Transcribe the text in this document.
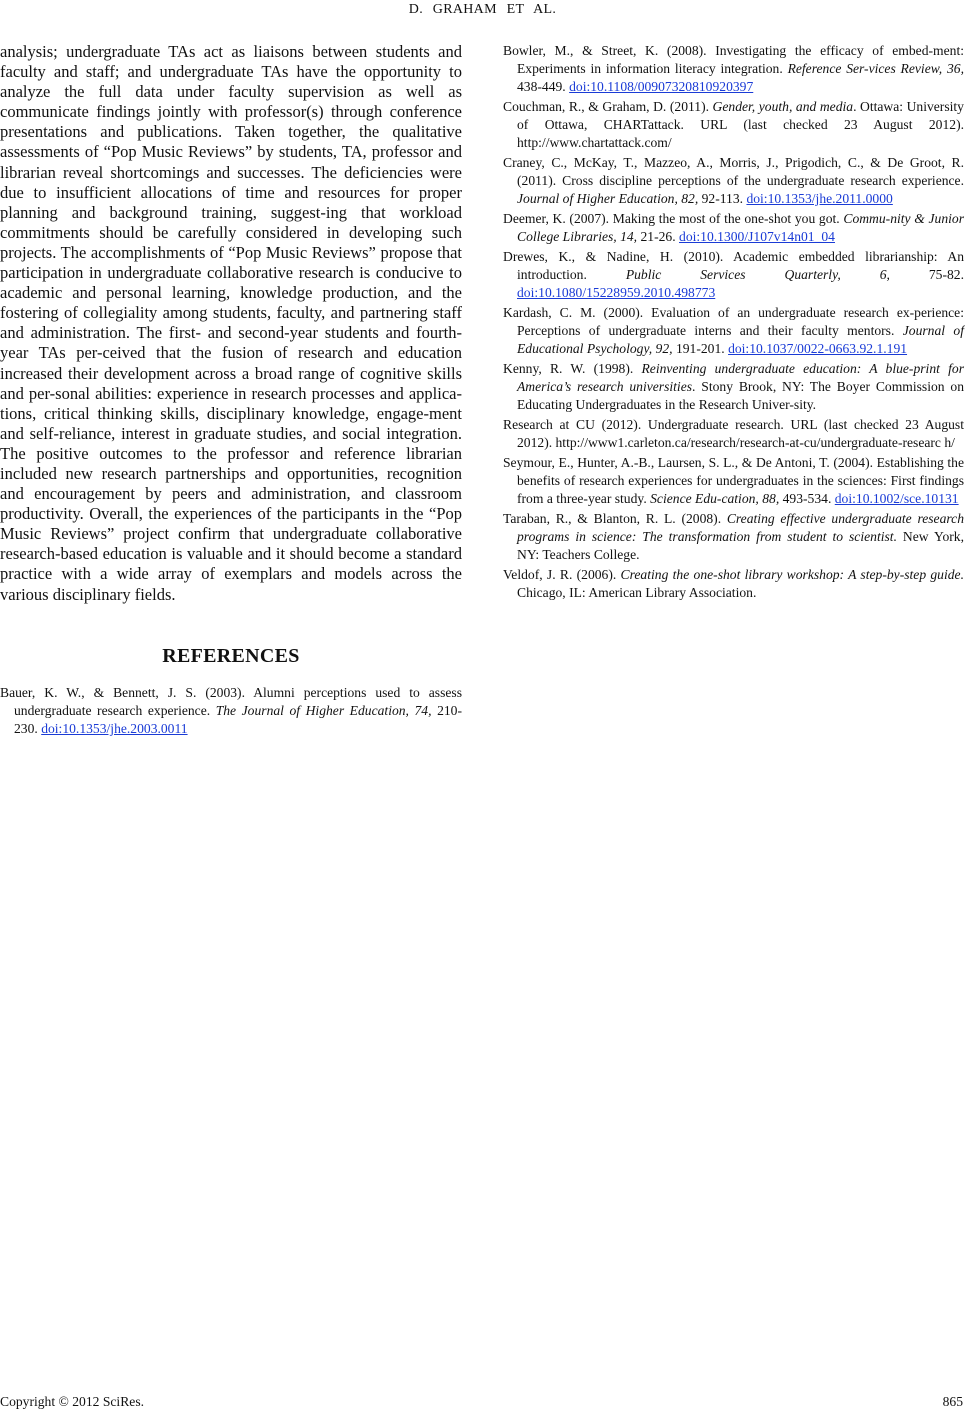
D. GRAHAM ET AL.

analysis; undergraduate TAs act as liaisons between students and faculty and staff; and undergraduate TAs have the opportunity to analyze the full data under faculty supervision as well as communicate findings jointly with professor(s) through conference presentations and publications. Taken together, the qualitative assessments of “Pop Music Reviews” by students, TA, professor and librarian reveal shortcomings and successes. The deficiencies were due to insufficient allocations of time and resources for proper planning and background training, suggest-ing that workload commitments should be carefully considered in developing such projects. The accomplishments of “Pop Music Reviews” propose that participation in undergraduate collaborative research is conducive to academic and personal learning, knowledge production, and the fostering of collegiality among students, faculty, and partnering staff and administration. The first- and second-year students and fourth-year TAs per-ceived that the fusion of research and education increased their development across a broad range of cognitive skills and per-sonal abilities: experience in research processes and applica-tions, critical thinking skills, disciplinary knowledge, engage-ment and self-reliance, interest in graduate studies, and social integration. The positive outcomes to the professor and reference librarian included new research partnerships and opportunities, recognition and encouragement by peers and administration, and classroom productivity. Overall, the experiences of the participants in the “Pop Music Reviews” project confirm that undergraduate collaborative research-based education is valuable and it should become a standard practice with a wide array of exemplars and models across the various disciplinary fields.

REFERENCES

Bauer, K. W., & Bennett, J. S. (2003). Alumni perceptions used to assess undergraduate research experience. The Journal of Higher Education, 74, 210-230. doi:10.1353/jhe.2003.0011

Bowler, M., & Street, K. (2008). Investigating the efficacy of embed-ment: Experiments in information literacy integration. Reference Ser-vices Review, 36, 438-449. doi:10.1108/00907320810920397

Couchman, R., & Graham, D. (2011). Gender, youth, and media. Ottawa: University of Ottawa, CHARTattack. URL (last checked 23 August 2012). http://www.chartattack.com/

Craney, C., McKay, T., Mazzeo, A., Morris, J., Prigodich, C., & De Groot, R. (2011). Cross discipline perceptions of the undergraduate research experience. Journal of Higher Education, 82, 92-113. doi:10.1353/jhe.2011.0000

Deemer, K. (2007). Making the most of the one-shot you got. Commu-nity & Junior College Libraries, 14, 21-26. doi:10.1300/J107v14n01_04

Drewes, K., & Nadine, H. (2010). Academic embedded librarianship: An introduction. Public Services Quarterly, 6, 75-82. doi:10.1080/15228959.2010.498773

Kardash, C. M. (2000). Evaluation of an undergraduate research ex-perience: Perceptions of undergraduate interns and their faculty mentors. Journal of Educational Psychology, 92, 191-201. doi:10.1037/0022-0663.92.1.191

Kenny, R. W. (1998). Reinventing undergraduate education: A blue-print for America’s research universities. Stony Brook, NY: The Boyer Commission on Educating Undergraduates in the Research Univer-sity.

Research at CU (2012). Undergraduate research. URL (last checked 23 August 2012). http://www1.carleton.ca/research/research-at-cu/undergraduate-researc h/

Seymour, E., Hunter, A.-B., Laursen, S. L., & De Antoni, T. (2004). Establishing the benefits of research experiences for undergraduates in the sciences: First findings from a three-year study. Science Edu-cation, 88, 493-534. doi:10.1002/sce.10131

Taraban, R., & Blanton, R. L. (2008). Creating effective undergraduate research programs in science: The transformation from student to scientist. New York, NY: Teachers College.

Veldof, J. R. (2006). Creating the one-shot library workshop: A step-by-step guide. Chicago, IL: American Library Association.

Copyright © 2012 SciRes.	865
